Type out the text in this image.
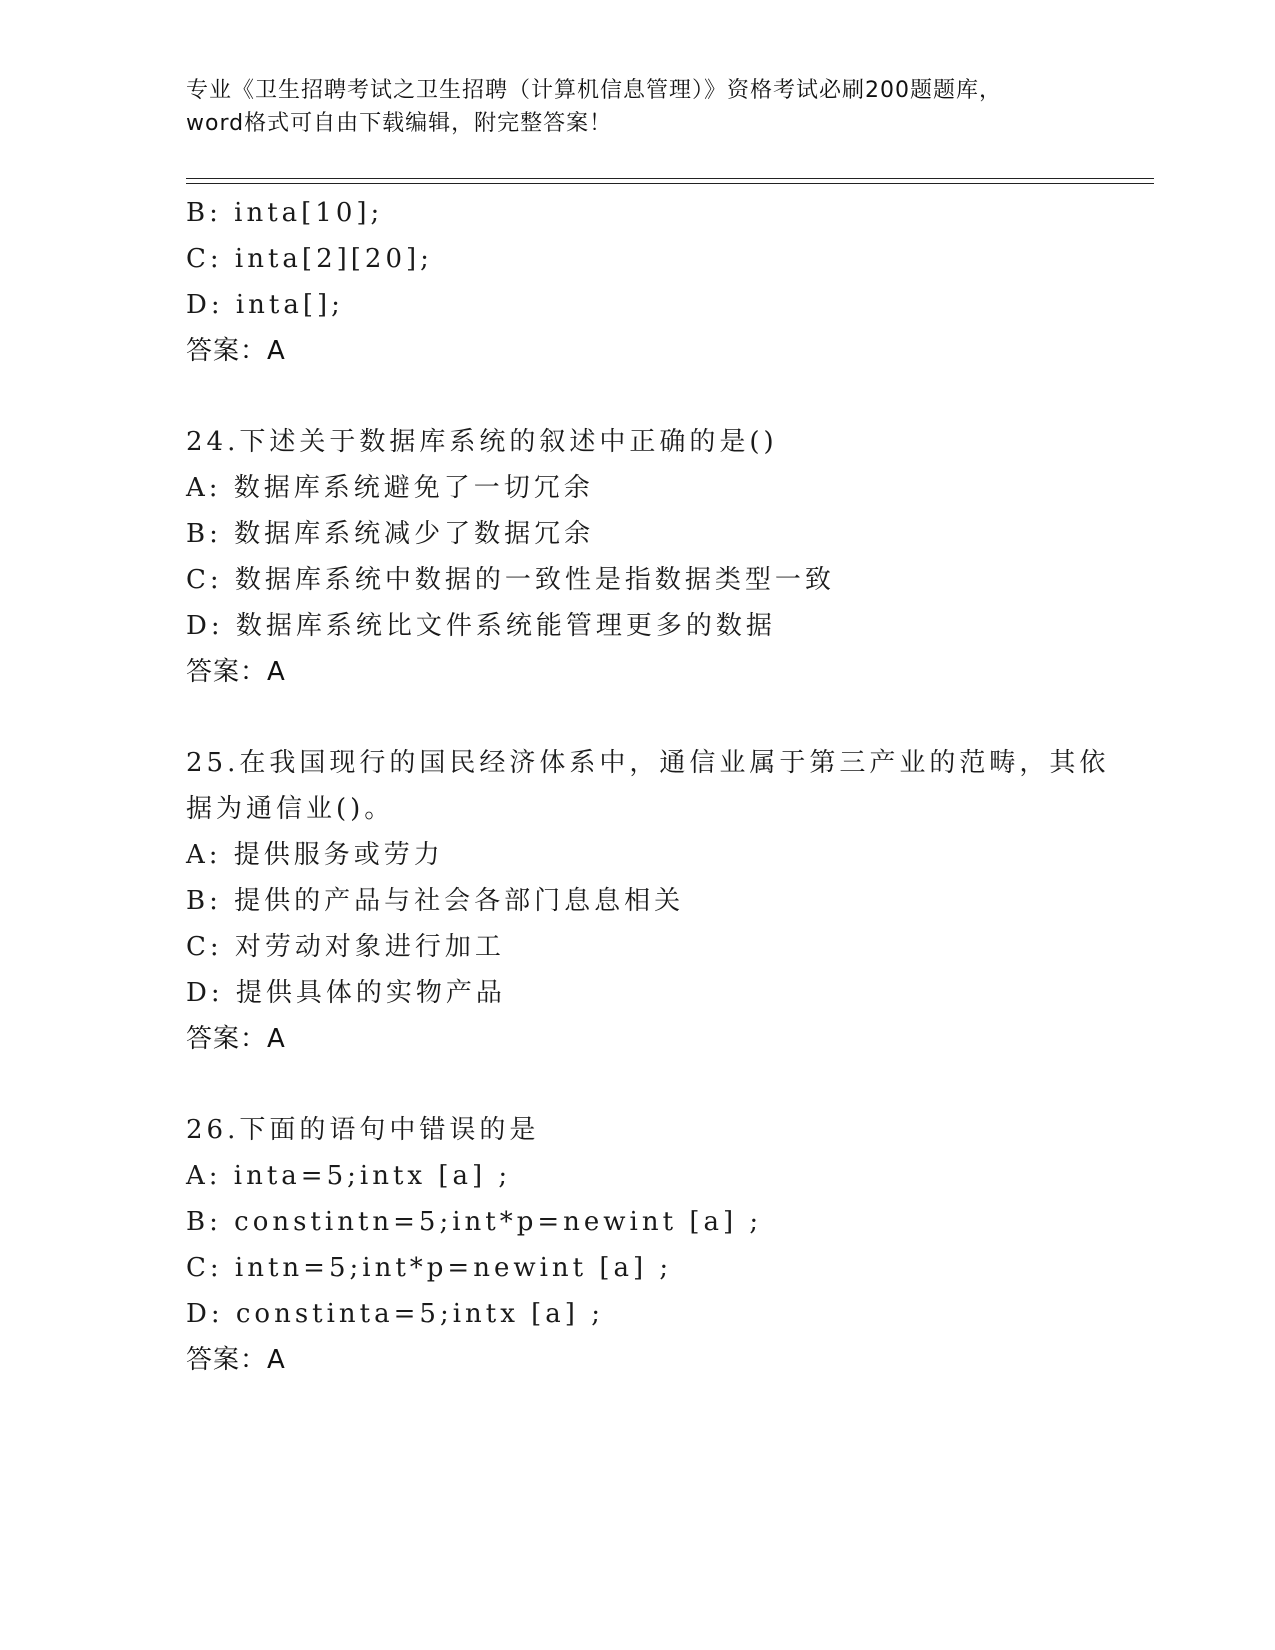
专业《卫生招聘考试之卫生招聘（计算机信息管理）》资格考试必刷200题题库，
word格式可自由下载编辑，附完整答案！
B: inta[10];
C: inta[2][20];
D: inta[];
答案：A
24.下述关于数据库系统的叙述中正确的是()
A: 数据库系统避免了一切冗余
B: 数据库系统减少了数据冗余
C: 数据库系统中数据的一致性是指数据类型一致
D: 数据库系统比文件系统能管理更多的数据
答案：A
25.在我国现行的国民经济体系中，通信业属于第三产业的范畴，其依
据为通信业()。
A: 提供服务或劳力
B: 提供的产品与社会各部门息息相关
C: 对劳动对象进行加工
D: 提供具体的实物产品
答案：A
26.下面的语句中错误的是
A: inta=5;intx [a] ;
B: constintn=5;int*p=newint [a] ;
C: intn=5;int*p=newint [a] ;
D: constinta=5;intx [a] ;
答案：A
